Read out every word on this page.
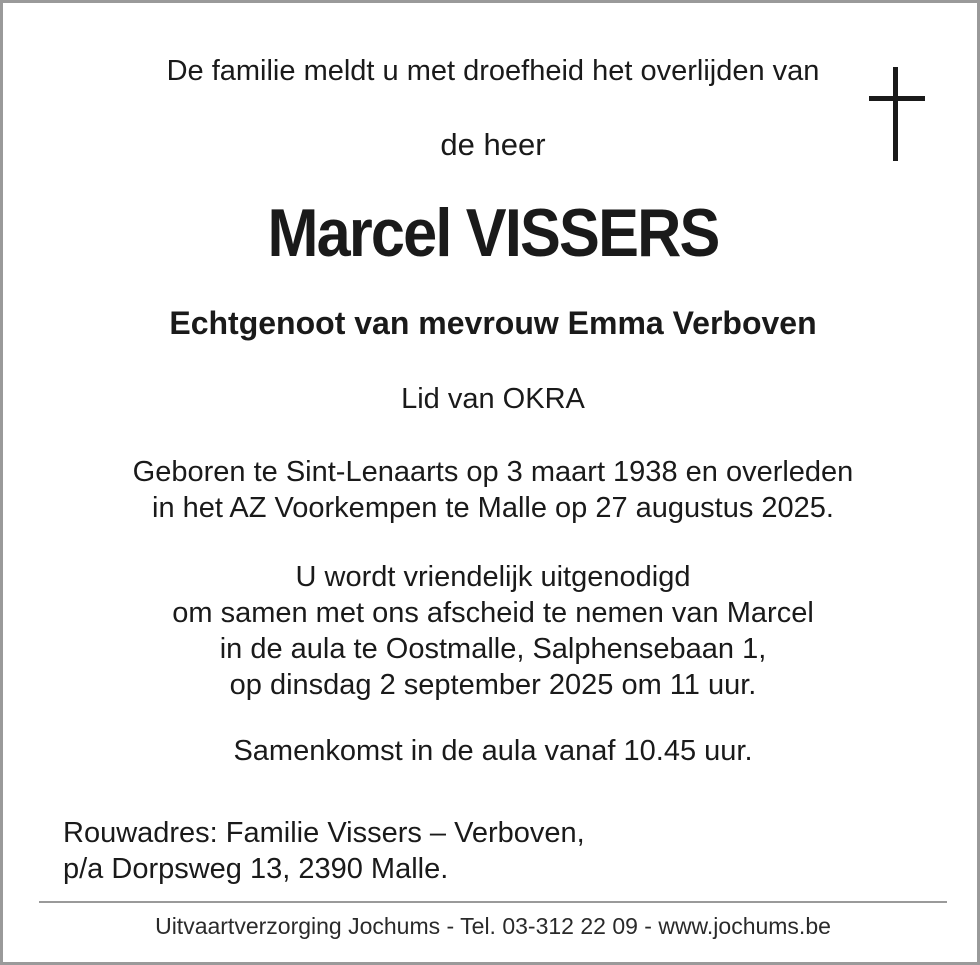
De familie meldt u met droefheid het overlijden van
de heer
Marcel VISSERS
Echtgenoot van mevrouw Emma Verboven
Lid van OKRA
Geboren te Sint-Lenaarts op 3 maart 1938 en overleden
in het AZ Voorkempen te Malle op 27 augustus 2025.
U wordt vriendelijk uitgenodigd
om samen met ons afscheid te nemen van Marcel
in de aula te Oostmalle, Salphensebaan 1,
op dinsdag 2 september 2025 om 11 uur.
Samenkomst in de aula vanaf 10.45 uur.
Rouwadres: Familie Vissers – Verboven,
p/a Dorpsweg 13, 2390 Malle.
Uitvaartverzorging Jochums - Tel. 03-312 22 09 - www.jochums.be
